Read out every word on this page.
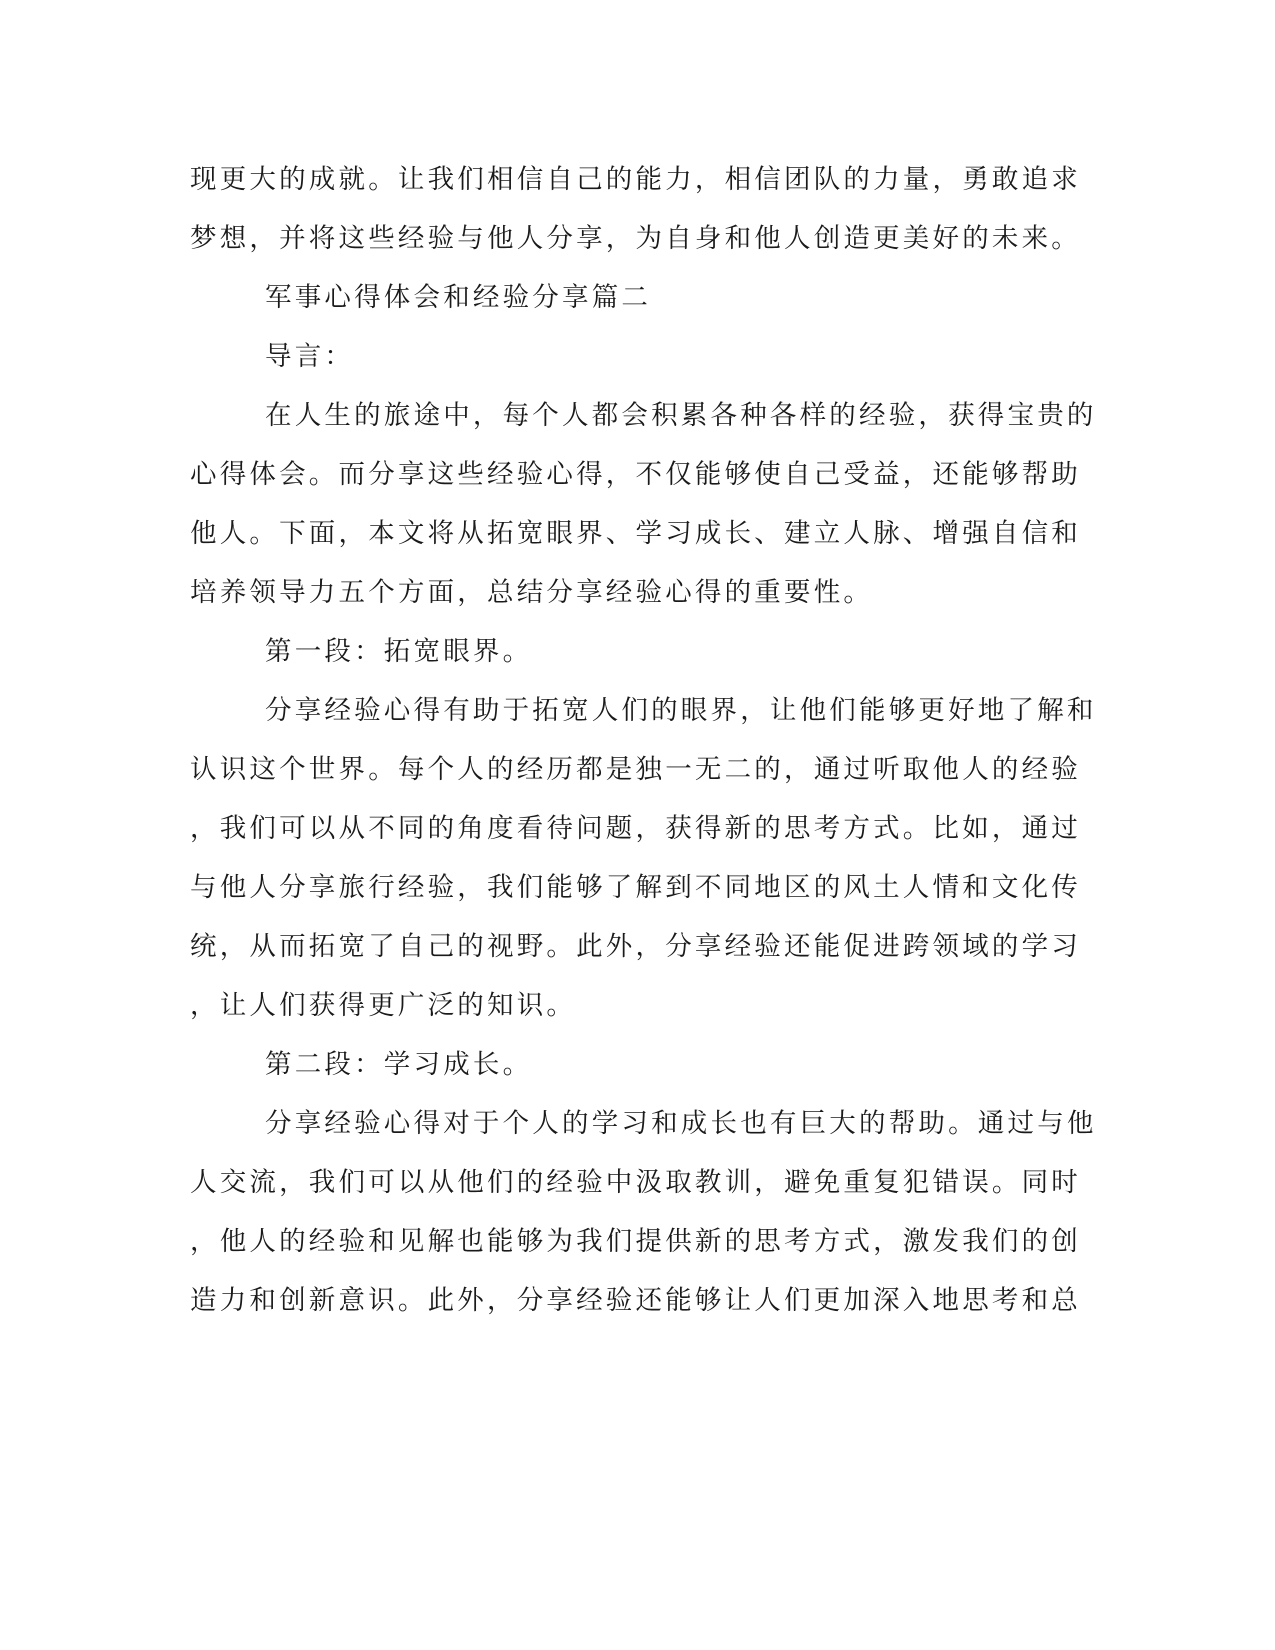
现更大的成就。让我们相信自己的能力，相信团队的力量，勇敢追求
梦想，并将这些经验与他人分享，为自身和他人创造更美好的未来。
军事心得体会和经验分享篇二
导言：
在人生的旅途中，每个人都会积累各种各样的经验，获得宝贵的
心得体会。而分享这些经验心得，不仅能够使自己受益，还能够帮助
他人。下面，本文将从拓宽眼界、学习成长、建立人脉、增强自信和
培养领导力五个方面，总结分享经验心得的重要性。
第一段：拓宽眼界。
分享经验心得有助于拓宽人们的眼界，让他们能够更好地了解和
认识这个世界。每个人的经历都是独一无二的，通过听取他人的经验
，我们可以从不同的角度看待问题，获得新的思考方式。比如，通过
与他人分享旅行经验，我们能够了解到不同地区的风土人情和文化传
统，从而拓宽了自己的视野。此外，分享经验还能促进跨领域的学习
，让人们获得更广泛的知识。
第二段：学习成长。
分享经验心得对于个人的学习和成长也有巨大的帮助。通过与他
人交流，我们可以从他们的经验中汲取教训，避免重复犯错误。同时
，他人的经验和见解也能够为我们提供新的思考方式，激发我们的创
造力和创新意识。此外，分享经验还能够让人们更加深入地思考和总
